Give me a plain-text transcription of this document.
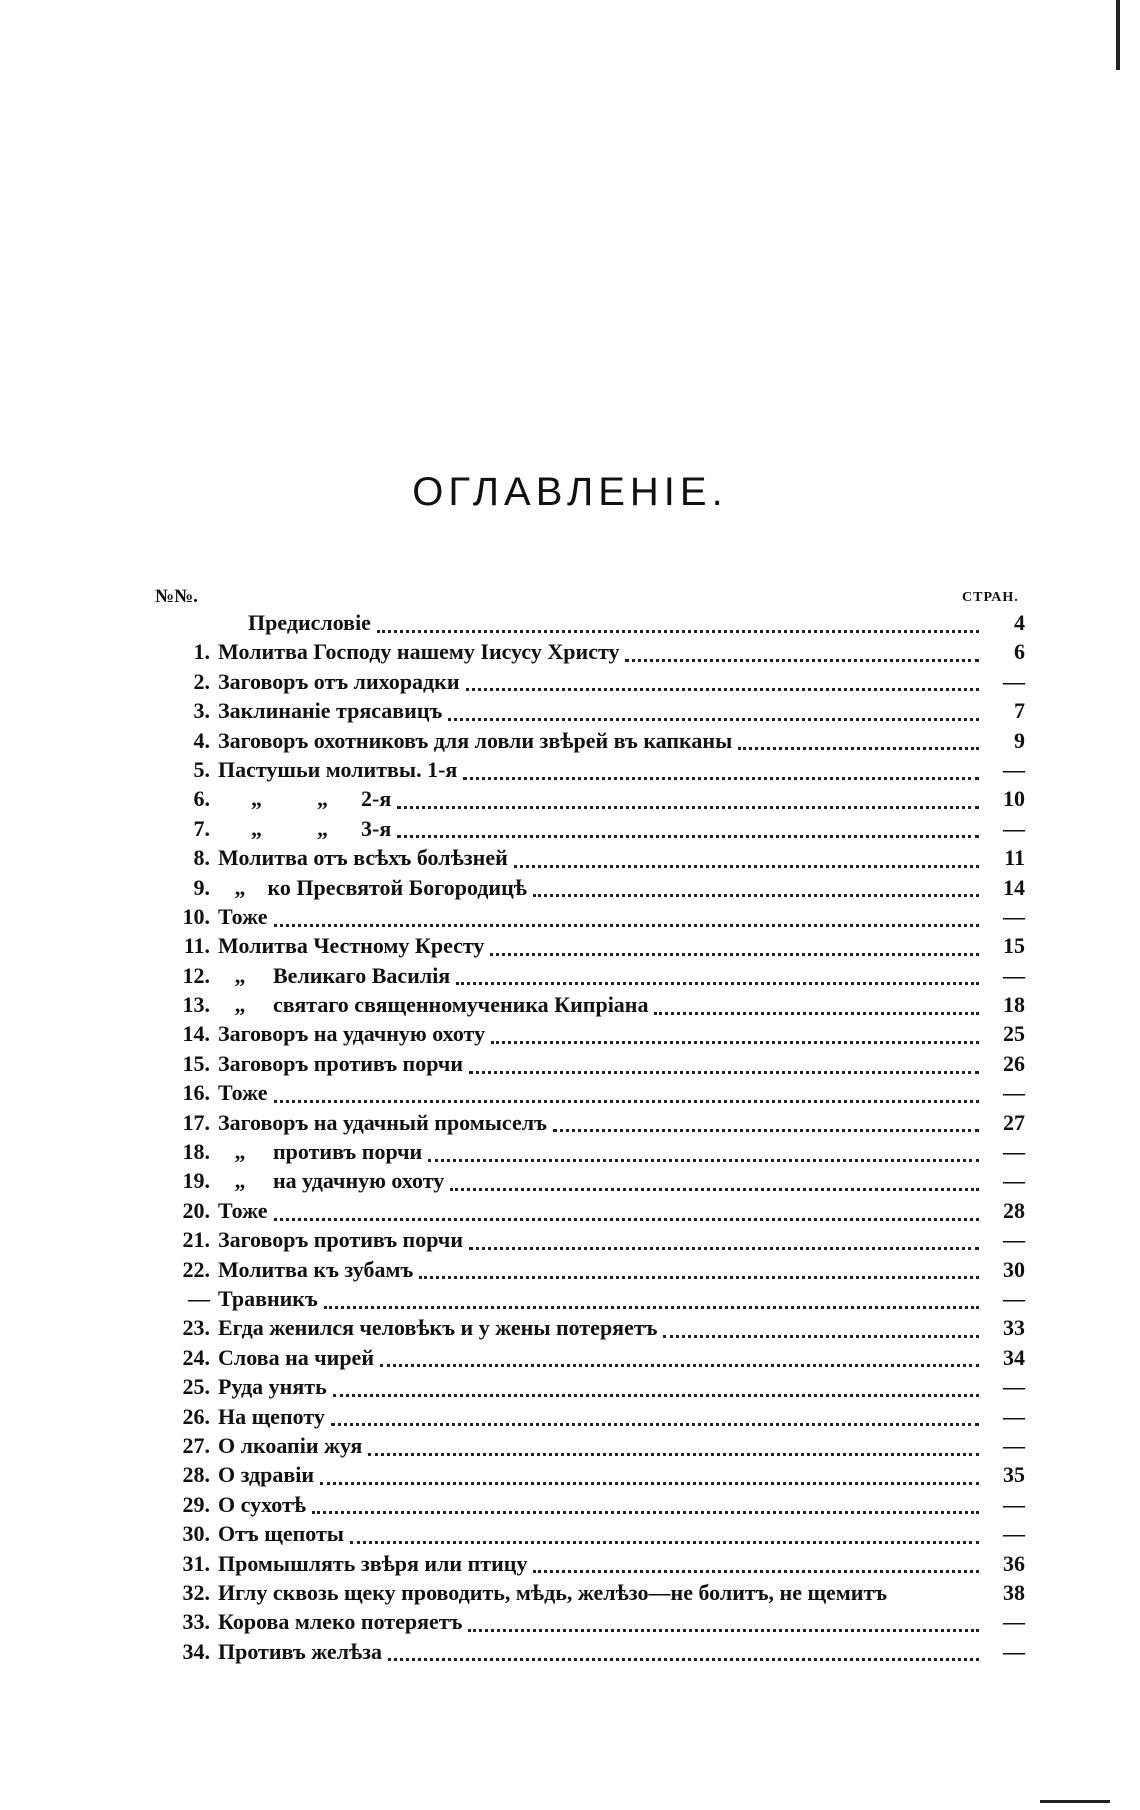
ОГЛАВЛЕНІЕ.
№№.	СТРАН.
Предисловіе	4
1. Молитва Господу нашему Іисусу Христу	6
2. Заговоръ отъ лихорадки	—
3. Заклинаніе трясавицъ	7
4. Заговоръ охотниковъ для ловли звѣрей въ капканы	9
5. Пастушьи молитвы. 1-я	—
6. „          „      2-я	10
7. „          „      3-я	—
8. Молитва отъ всѣхъ болѣзней	11
9. „    ко Пресвятой Богородицѣ	14
10. Тоже	—
11. Молитва Честному Кресту	15
12. „     Великаго Василія	—
13. „     святаго священномученика Кипріана	18
14. Заговоръ на удачную охоту	25
15. Заговоръ противъ порчи	26
16. Тоже	—
17. Заговоръ на удачный промыселъ	27
18. „     противъ порчи	—
19. „     на удачную охоту	—
20. Тоже	28
21. Заговоръ противъ порчи	—
22. Молитва къ зубамъ	30
— Травникъ	—
23. Егда женился человѣкъ и у жены потеряетъ	33
24. Слова на чирей	34
25. Руда унять	—
26. На щепоту	—
27. О лкоапіи жуя	—
28. О здравіи	35
29. О сухотѣ	—
30. Отъ щепоты	—
31. Промышлять звѣря или птицу	36
32. Иглу сквозь щеку проводить, мѣдь, желѣзо—не болитъ, не щемитъ	38
33. Корова млеко потеряетъ	—
34. Противъ желѣза	—
